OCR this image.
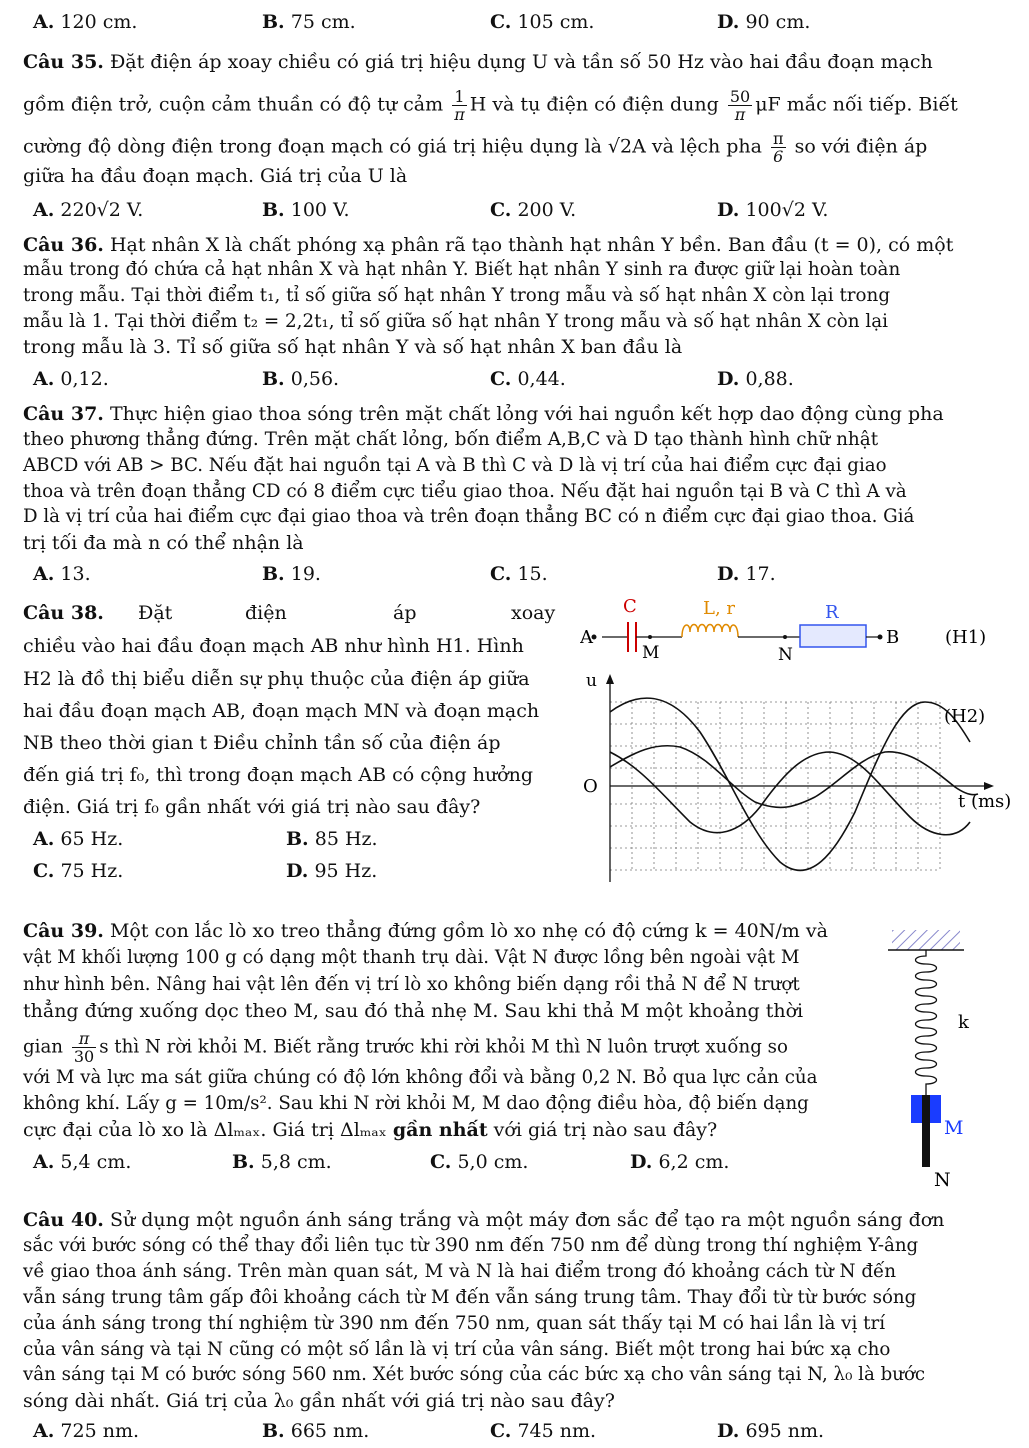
A. 120 cm.	B. 75 cm.	C. 105 cm.	D. 90 cm.
Câu 35. Đặt điện áp xoay chiều có giá trị hiệu dụng U và tần số 50 Hz vào hai đầu đoạn mạch
gồm điện trở, cuộn cảm thuần có độ tự cảm $\frac{1}{\pi}$ H và tụ điện có điện dung $\frac{50}{\pi}$ μF mắc nối tiếp. Biết
cường độ dòng điện trong đoạn mạch có giá trị hiệu dụng là √2A và lệch pha $\frac{\pi}{6}$ so với điện áp
giữa ha đầu đoạn mạch. Giá trị của U là
A. 220√2 V.	B. 100 V.	C. 200 V.	D. 100√2 V.
Câu 36. Hạt nhân X là chất phóng xạ phân rã tạo thành hạt nhân Y bền. Ban đầu (t = 0), có một
mẫu trong đó chứa cả hạt nhân X và hạt nhân Y. Biết hạt nhân Y sinh ra được giữ lại hoàn toàn
trong mẫu. Tại thời điểm t₁, tỉ số giữa số hạt nhân Y trong mẫu và số hạt nhân X còn lại trong
mẫu là 1. Tại thời điểm t₂ = 2,2t₁, tỉ số giữa số hạt nhân Y trong mẫu và số hạt nhân X còn lại
trong mẫu là 3. Tỉ số giữa số hạt nhân Y và số hạt nhân X ban đầu là
A. 0,12.	B. 0,56.	C. 0,44.	D. 0,88.
Câu 37. Thực hiện giao thoa sóng trên mặt chất lỏng với hai nguồn kết hợp dao động cùng pha
theo phương thẳng đứng. Trên mặt chất lỏng, bốn điểm A,B,C và D tạo thành hình chữ nhật
ABCD với AB > BC. Nếu đặt hai nguồn tại A và B thì C và D là vị trí của hai điểm cực đại giao
thoa và trên đoạn thẳng CD có 8 điểm cực tiểu giao thoa. Nếu đặt hai nguồn tại B và C thì A và
D là vị trí của hai điểm cực đại giao thoa và trên đoạn thẳng BC có n điểm cực đại giao thoa. Giá
trị tối đa mà n có thể nhận là
A. 13.	B. 19.	C. 15.	D. 17.
Câu 38.	điện
Đặt	áp	xoay
chiều vào hai đầu đoạn mạch AB như hình H1. Hình
H2 là đồ thị biểu diễn sự phụ thuộc của điện áp giữa
hai đầu đoạn mạch AB, đoạn mạch MN và đoạn mạch
NB theo thời gian t Điều chỉnh tần số của điện áp
đến giá trị f₀, thì trong đoạn mạch AB có cộng hưởng
điện. Giá trị f₀ gần nhất với giá trị nào sau đây?
A. 65 Hz.	B. 85 Hz.
C. 75 Hz.	D. 95 Hz.
C	L, r	R
A
M	N
B	(H1)
u
O
t (ms)
(H2)
Câu 39. Một con lắc lò xo treo thẳng đứng gồm lò xo nhẹ có độ cứng k = 40N/m và
vật M khối lượng 100 g có dạng một thanh trụ dài. Vật N được lồng bên ngoài vật M
như hình bên. Nâng hai vật lên đến vị trí lò xo không biến dạng rồi thả N để N trượt
thẳng đứng xuống dọc theo M, sau đó thả nhẹ M. Sau khi thả M một khoảng thời
gian $\frac{\pi}{30}$ s thì N rời khỏi M. Biết rằng trước khi rời khỏi M thì N luôn trượt xuống so
với M và lực ma sát giữa chúng có độ lớn không đổi và bằng 0,2 N. Bỏ qua lực cản của
không khí. Lấy g = 10m/s². Sau khi N rời khỏi M, M dao động điều hòa, độ biến dạng
cực đại của lò xo là Δlₘₐₓ. Giá trị Δlₘₐₓ gần nhất với giá trị nào sau đây?
A. 5,4 cm.	B. 5,8 cm.	C. 5,0 cm.	D. 6,2 cm.
k
M
N
Câu 40. Sử dụng một nguồn ánh sáng trắng và một máy đơn sắc để tạo ra một nguồn sáng đơn
sắc với bước sóng có thể thay đổi liên tục từ 390 nm đến 750 nm để dùng trong thí nghiệm Y-âng
về giao thoa ánh sáng. Trên màn quan sát, M và N là hai điểm trong đó khoảng cách từ N đến
vẫn sáng trung tâm gấp đôi khoảng cách từ M đến vẫn sáng trung tâm. Thay đổi từ từ bước sóng
của ánh sáng trong thí nghiệm từ 390 nm đến 750 nm, quan sát thấy tại M có hai lần là vị trí
của vân sáng và tại N cũng có một số lần là vị trí của vân sáng. Biết một trong hai bức xạ cho
vân sáng tại M có bước sóng 560 nm. Xét bước sóng của các bức xạ cho vân sáng tại N, λ₀ là bước
sóng dài nhất. Giá trị của λ₀ gần nhất với giá trị nào sau đây?
A. 725 nm.	B. 665 nm.	C. 745 nm.	D. 695 nm.
